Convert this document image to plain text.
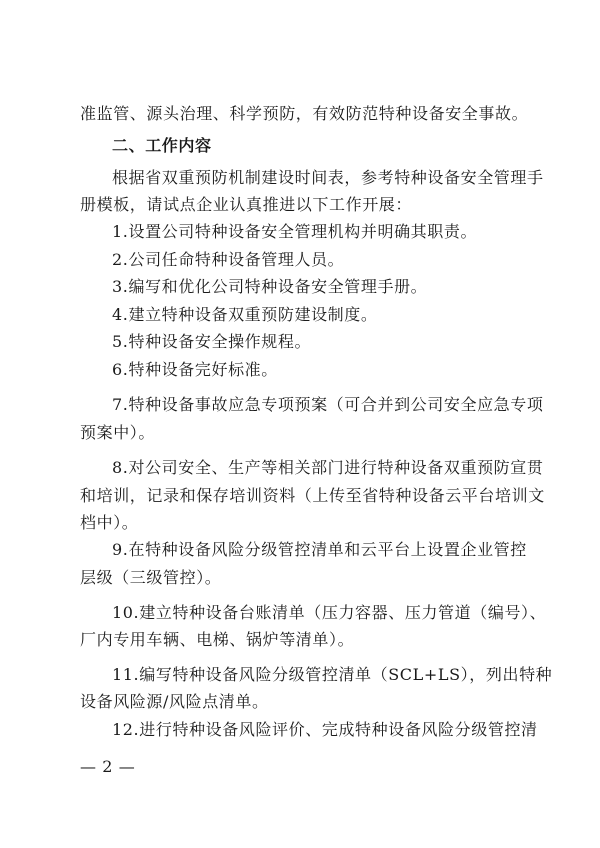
准监管、源头治理、科学预防，有效防范特种设备安全事故。
二、工作内容
根据省双重预防机制建设时间表，参考特种设备安全管理手
册模板，请试点企业认真推进以下工作开展：
1.设置公司特种设备安全管理机构并明确其职责。
2.公司任命特种设备管理人员。
3.编写和优化公司特种设备安全管理手册。
4.建立特种设备双重预防建设制度。
5.特种设备安全操作规程。
6.特种设备完好标准。
7.特种设备事故应急专项预案（可合并到公司安全应急专项
预案中）。
8.对公司安全、生产等相关部门进行特种设备双重预防宣贯
和培训，记录和保存培训资料（上传至省特种设备云平台培训文
档中）。
9.在特种设备风险分级管控清单和云平台上设置企业管控
层级（三级管控）。
10.建立特种设备台账清单（压力容器、压力管道（编号）、
厂内专用车辆、电梯、锅炉等清单）。
11.编写特种设备风险分级管控清单（SCL+LS），列出特种
设备风险源/风险点清单。
12.进行特种设备风险评价、完成特种设备风险分级管控清
— 2 —
